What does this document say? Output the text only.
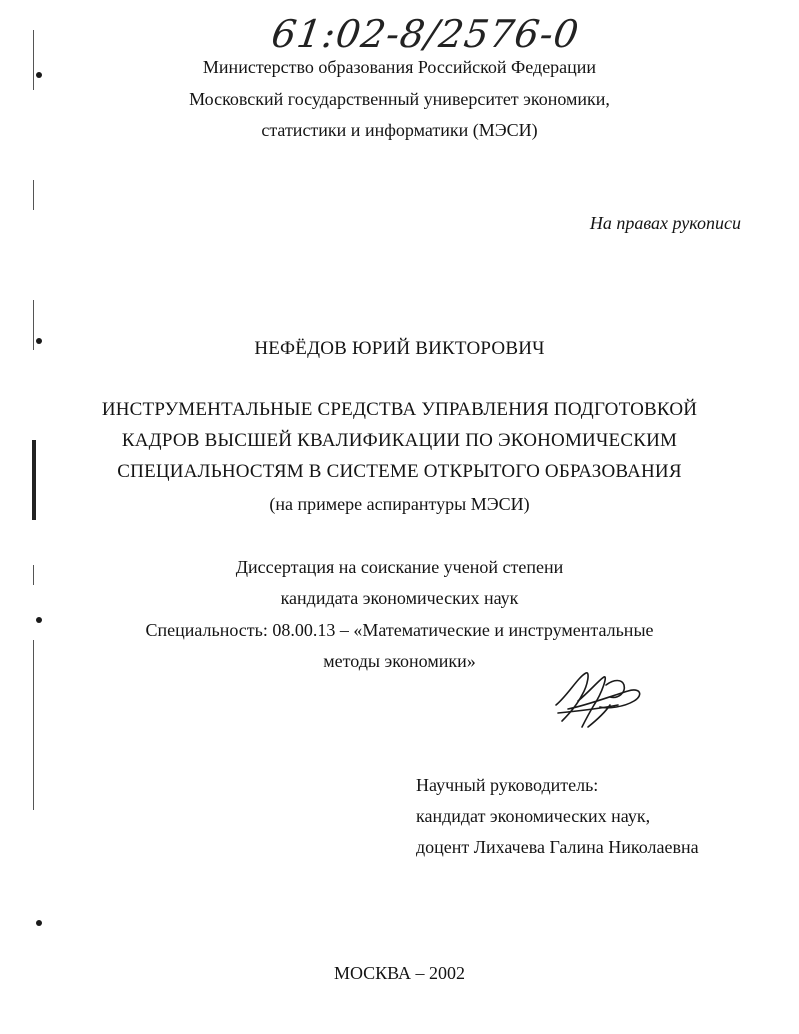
61:02-8/2576-0
Министерство образования Российской Федерации
Московский государственный университет экономики,
статистики и информатики (МЭСИ)
На правах рукописи
НЕФЁДОВ ЮРИЙ ВИКТОРОВИЧ
ИНСТРУМЕНТАЛЬНЫЕ СРЕДСТВА УПРАВЛЕНИЯ ПОДГОТОВКОЙ
КАДРОВ ВЫСШЕЙ КВАЛИФИКАЦИИ ПО ЭКОНОМИЧЕСКИМ
СПЕЦИАЛЬНОСТЯМ В СИСТЕМЕ ОТКРЫТОГО ОБРАЗОВАНИЯ
(на примере аспирантуры МЭСИ)
Диссертация на соискание ученой степени
кандидата экономических наук
Специальность: 08.00.13 – «Математические и инструментальные
методы экономики»
Научный руководитель:
кандидат экономических наук,
доцент Лихачева Галина Николаевна
МОСКВА – 2002
